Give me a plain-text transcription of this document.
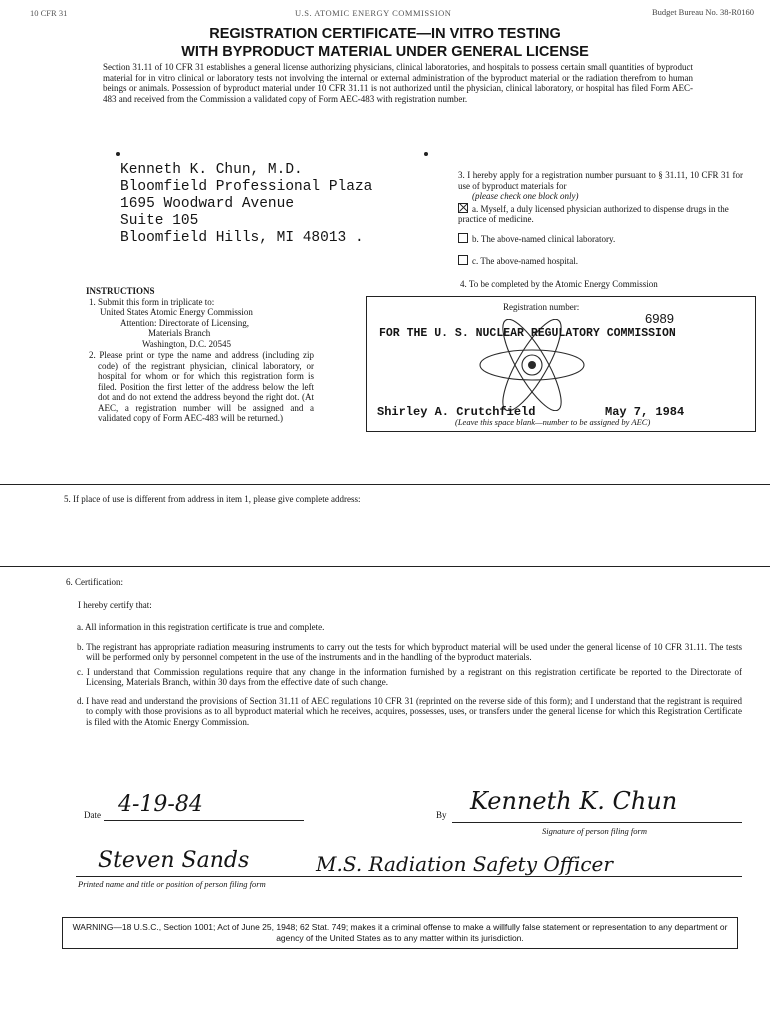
10 CFR 31	U.S. ATOMIC ENERGY COMMISSION	Budget Bureau No. 38-R0160
REGISTRATION CERTIFICATE—IN VITRO TESTING
WITH BYPRODUCT MATERIAL UNDER GENERAL LICENSE
Section 31.11 of 10 CFR 31 establishes a general license authorizing physicians, clinical laboratories, and hospitals to possess certain small quantities of byproduct material for in vitro clinical or laboratory tests not involving the internal or external administration of the byproduct material or the radiation therefrom to human beings or animals. Possession of byproduct material under 10 CFR 31.11 is not authorized until the physician, clinical laboratory, or hospital has filed Form AEC-483 and received from the Commission a validated copy of Form AEC-483 with registration number.
Kenneth K. Chun, M.D.
Bloomfield Professional Plaza
1695 Woodward Avenue
Suite 105
Bloomfield Hills, MI 48013 .
3. I hereby apply for a registration number pursuant to § 31.11, 10 CFR 31 for use of byproduct materials for
(please check one block only)
a. Myself, a duly licensed physician authorized to dispense drugs in the practice of medicine.
b. The above-named clinical laboratory.
c. The above-named hospital.
4. To be completed by the Atomic Energy Commission
Registration number:
6989
FOR THE U. S. NUCLEAR REGULATORY COMMISSION
Shirley A. Crutchfield	May 7, 1984
(Leave this space blank—number to be assigned by AEC)
INSTRUCTIONS
1. Submit this form in triplicate to:
United States Atomic Energy Commission
Attention: Directorate of Licensing,
Materials Branch
Washington, D.C. 20545
2. Please print or type the name and address (including zip code) of the registrant physician, clinical laboratory, or hospital for whom or for which this registration form is filed. Position the first letter of the address below the left dot and do not extend the address beyond the right dot. (At AEC, a registration number will be assigned and a validated copy of Form AEC-483 will be returned.)
5. If place of use is different from address in item 1, please give complete address:
6. Certification:
I hereby certify that:
a. All information in this registration certificate is true and complete.
b. The registrant has appropriate radiation measuring instruments to carry out the tests for which byproduct material will be used under the general license of 10 CFR 31.11. The tests will be performed only by personnel competent in the use of the instruments and in the handling of the byproduct materials.
c. I understand that Commission regulations require that any change in the information furnished by a registrant on this registration certificate be reported to the Directorate of Licensing, Materials Branch, within 30 days from the effective date of such change.
d. I have read and understand the provisions of Section 31.11 of AEC regulations 10 CFR 31 (reprinted on the reverse side of this form); and I understand that the registrant is required to comply with those provisions as to all byproduct material which he receives, acquires, possesses, uses, or transfers under the general license for which this Registration Certificate is filed with the Atomic Energy Commission.
Date 4-19-84	By Kenneth K. Chun
Signature of person filing form
Steven Sands	M.S. Radiation Safety Officer
Printed name and title or position of person filing form
WARNING—18 U.S.C., Section 1001; Act of June 25, 1948; 62 Stat. 749; makes it a criminal offense to make a willfully false statement or representation to any department or agency of the United States as to any matter within its jurisdiction.
